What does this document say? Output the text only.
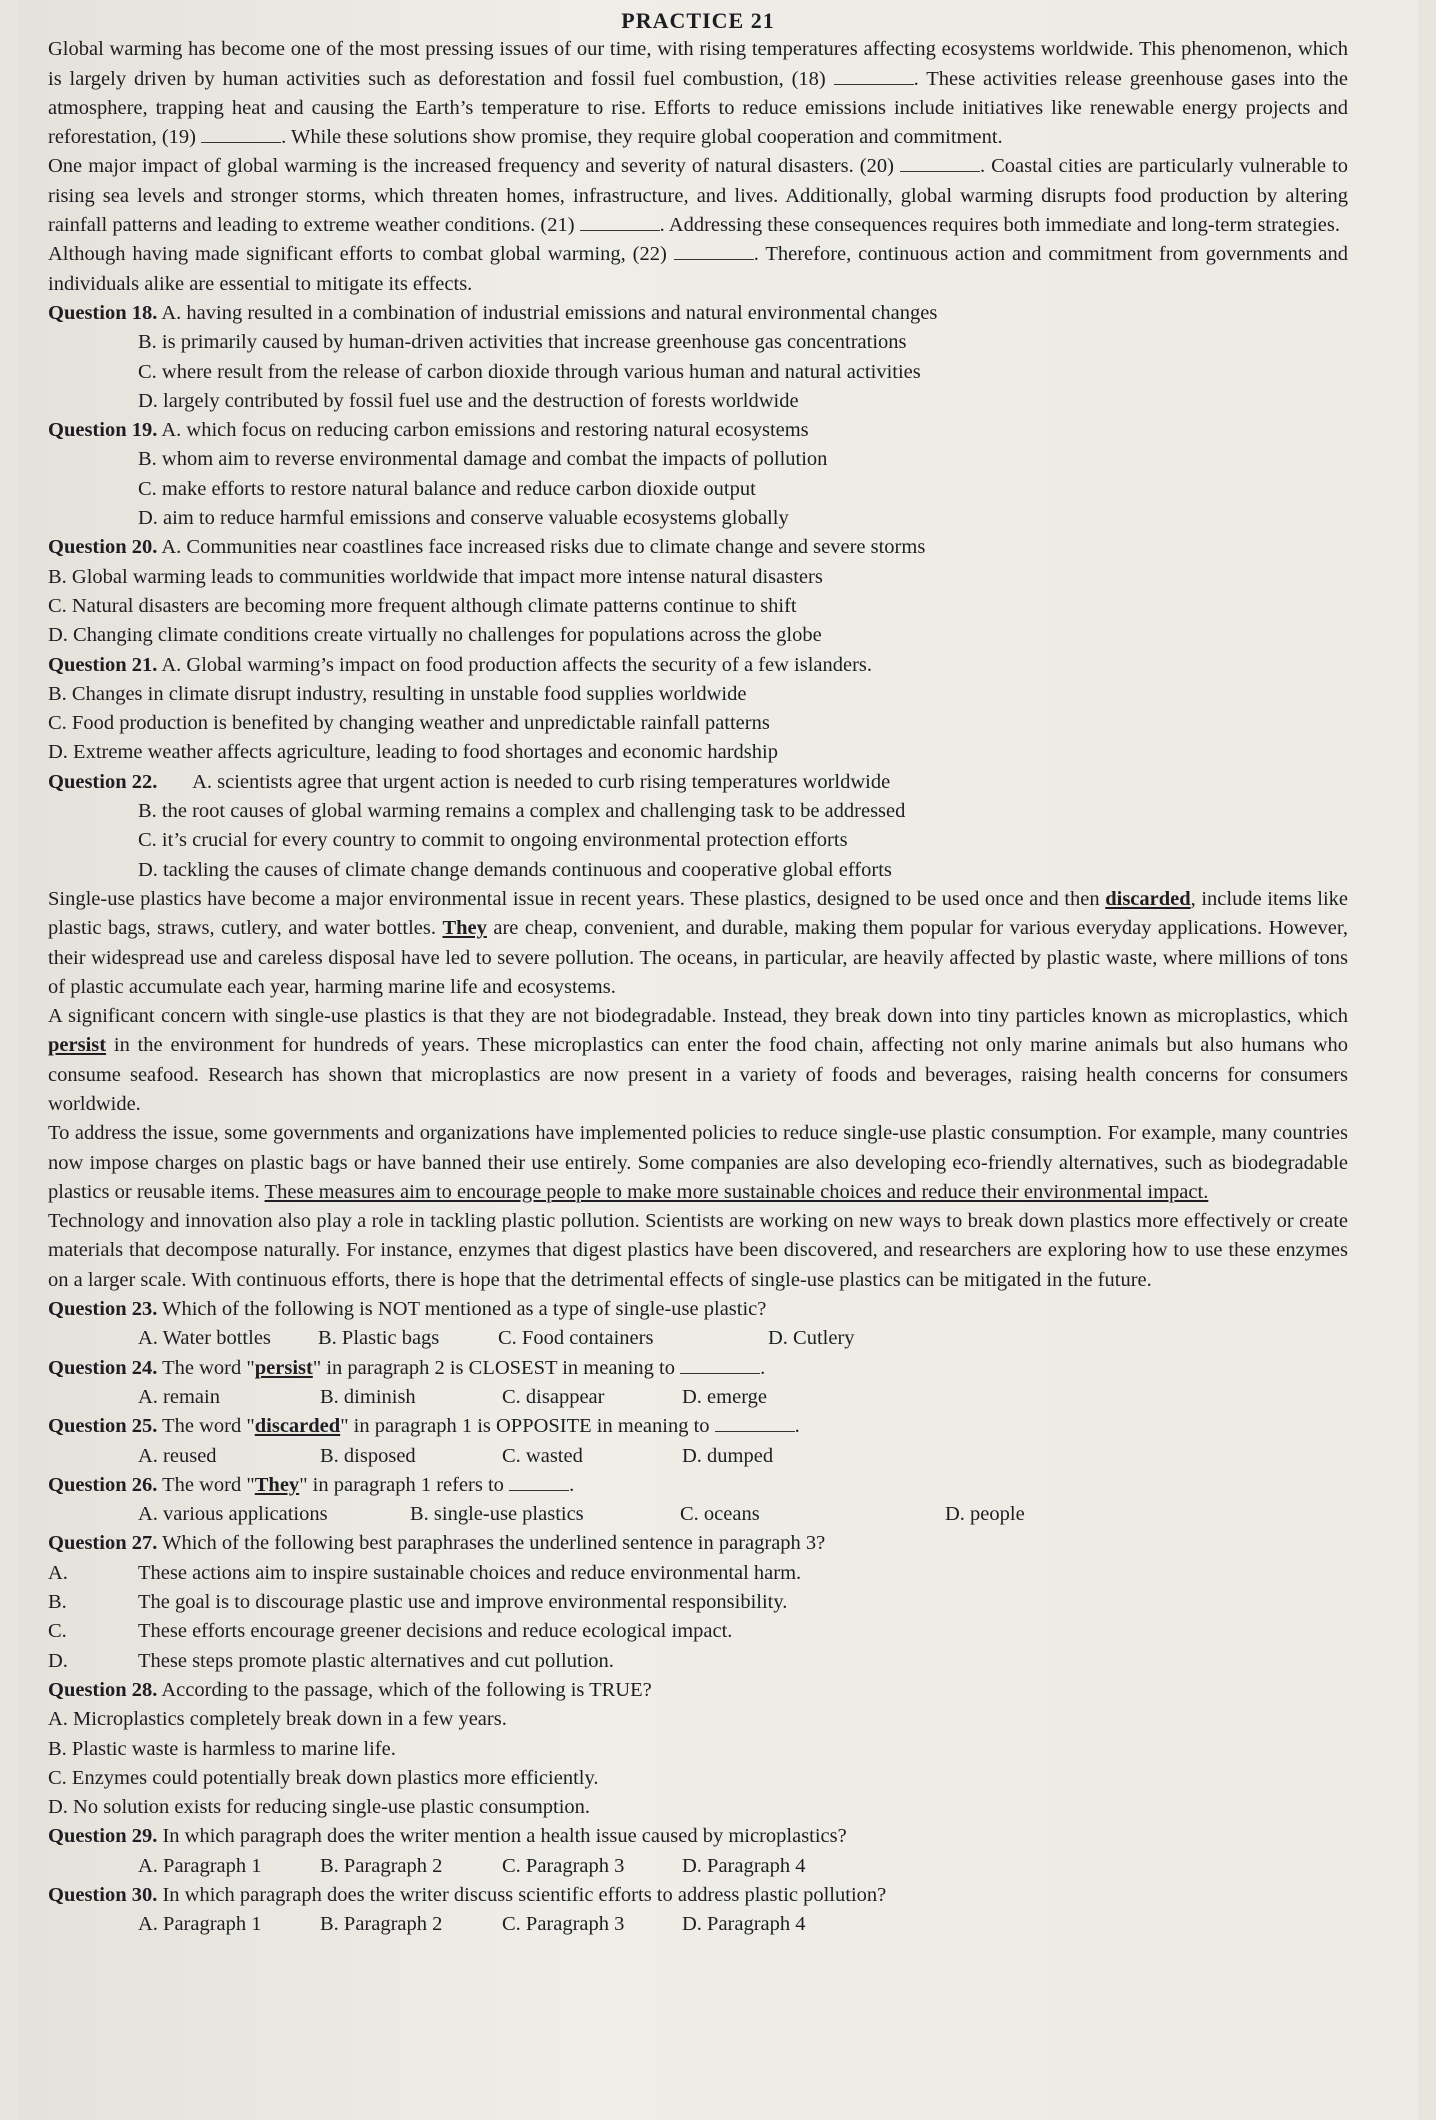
PRACTICE 21

Global warming has become one of the most pressing issues of our time, with rising temperatures affecting ecosystems worldwide. This phenomenon, which is largely driven by human activities such as deforestation and fossil fuel combustion, (18)	. These activities release greenhouse gases into the atmosphere, trapping heat and causing the Earth’s temperature to rise. Efforts to reduce emissions include initiatives like renewable energy projects and reforestation, (19)	. While these solutions show promise, they require global cooperation and commitment.

One major impact of global warming is the increased frequency and severity of natural disasters. (20)	. Coastal cities are particularly vulnerable to rising sea levels and stronger storms, which threaten homes, infrastructure, and lives. Additionally, global warming disrupts food production by altering rainfall patterns and leading to extreme weather conditions. (21)	. Addressing these consequences requires both immediate and long-term strategies.

Although having made significant efforts to combat global warming, (22)	. Therefore, continuous action and commitment from governments and individuals alike are essential to mitigate its effects.

Question 18. A. having resulted in a combination of industrial emissions and natural environmental changes
B. is primarily caused by human-driven activities that increase greenhouse gas concentrations
C. where result from the release of carbon dioxide through various human and natural activities
D. largely contributed by fossil fuel use and the destruction of forests worldwide
Question 19. A. which focus on reducing carbon emissions and restoring natural ecosystems
B. whom aim to reverse environmental damage and combat the impacts of pollution
C. make efforts to restore natural balance and reduce carbon dioxide output
D. aim to reduce harmful emissions and conserve valuable ecosystems globally
Question 20. A. Communities near coastlines face increased risks due to climate change and severe storms
B. Global warming leads to communities worldwide that impact more intense natural disasters
C. Natural disasters are becoming more frequent although climate patterns continue to shift
D. Changing climate conditions create virtually no challenges for populations across the globe
Question 21. A. Global warming’s impact on food production affects the security of a few islanders.
B. Changes in climate disrupt industry, resulting in unstable food supplies worldwide
C. Food production is benefited by changing weather and unpredictable rainfall patterns
D. Extreme weather affects agriculture, leading to food shortages and economic hardship
Question 22. A. scientists agree that urgent action is needed to curb rising temperatures worldwide
B. the root causes of global warming remains a complex and challenging task to be addressed
C. it’s crucial for every country to commit to ongoing environmental protection efforts
D. tackling the causes of climate change demands continuous and cooperative global efforts

Single-use plastics have become a major environmental issue in recent years. These plastics, designed to be used once and then discarded, include items like plastic bags, straws, cutlery, and water bottles. They are cheap, convenient, and durable, making them popular for various everyday applications. However, their widespread use and careless disposal have led to severe pollution. The oceans, in particular, are heavily affected by plastic waste, where millions of tons of plastic accumulate each year, harming marine life and ecosystems.

A significant concern with single-use plastics is that they are not biodegradable. Instead, they break down into tiny particles known as microplastics, which persist in the environment for hundreds of years. These microplastics can enter the food chain, affecting not only marine animals but also humans who consume seafood. Research has shown that microplastics are now present in a variety of foods and beverages, raising health concerns for consumers worldwide.

To address the issue, some governments and organizations have implemented policies to reduce single-use plastic consumption. For example, many countries now impose charges on plastic bags or have banned their use entirely. Some companies are also developing eco-friendly alternatives, such as biodegradable plastics or reusable items. These measures aim to encourage people to make more sustainable choices and reduce their environmental impact.

Technology and innovation also play a role in tackling plastic pollution. Scientists are working on new ways to break down plastics more effectively or create materials that decompose naturally. For instance, enzymes that digest plastics have been discovered, and researchers are exploring how to use these enzymes on a larger scale. With continuous efforts, there is hope that the detrimental effects of single-use plastics can be mitigated in the future.

Question 23. Which of the following is NOT mentioned as a type of single-use plastic?
A. Water bottles	B. Plastic bags	C. Food containers	D. Cutlery
Question 24. The word "persist" in paragraph 2 is CLOSEST in meaning to	.
A. remain	B. diminish	C. disappear	D. emerge
Question 25. The word "discarded" in paragraph 1 is OPPOSITE in meaning to	.
A. reused	B. disposed	C. wasted	D. dumped
Question 26. The word "They" in paragraph 1 refers to	.
A. various applications	B. single-use plastics	C. oceans	D. people
Question 27. Which of the following best paraphrases the underlined sentence in paragraph 3?
A.	These actions aim to inspire sustainable choices and reduce environmental harm.
B.	The goal is to discourage plastic use and improve environmental responsibility.
C.	These efforts encourage greener decisions and reduce ecological impact.
D.	These steps promote plastic alternatives and cut pollution.
Question 28. According to the passage, which of the following is TRUE?
A. Microplastics completely break down in a few years.
B. Plastic waste is harmless to marine life.
C. Enzymes could potentially break down plastics more efficiently.
D. No solution exists for reducing single-use plastic consumption.
Question 29. In which paragraph does the writer mention a health issue caused by microplastics?
A. Paragraph 1	B. Paragraph 2	C. Paragraph 3	D. Paragraph 4
Question 30. In which paragraph does the writer discuss scientific efforts to address plastic pollution?
A. Paragraph 1	B. Paragraph 2	C. Paragraph 3	D. Paragraph 4
